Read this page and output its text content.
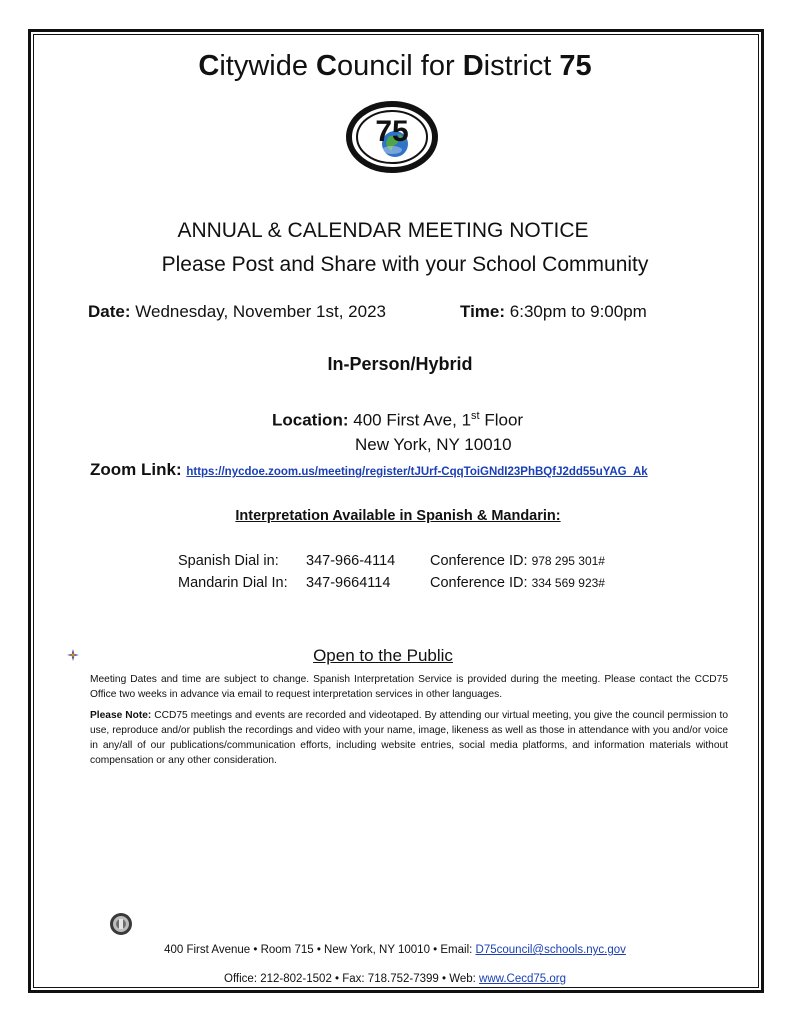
Citywide Council for District 75
75
ANNUAL & CALENDAR MEETING NOTICE
Please Post and Share with your School Community
Date: Wednesday, November 1st, 2023	Time: 6:30pm to 9:00pm
In-Person/Hybrid
Location: 400 First Ave, 1st Floor
New York, NY 10010
Zoom Link: https://nycdoe.zoom.us/meeting/register/tJUrf-CqqToiGNdI23PhBQfJ2dd55uYAG_Ak
Interpretation Available in Spanish & Mandarin:
Spanish Dial in: 347-966-4114 Conference ID: 978 295 301#
Mandarin Dial In: 347-9664114	Conference ID: 334 569 923#
Open to the Public
Meeting Dates and time are subject to change. Spanish Interpretation Service is provided during the meeting. Please contact the CCD75 Office two weeks in advance via email to request interpretation services in other languages.
Please Note: CCD75 meetings and events are recorded and videotaped. By attending our virtual meeting, you give the council permission to use, reproduce and/or publish the recordings and video with your name, image, likeness as well as those in attendance with you and/or voice in any/all of our publications/communication efforts, including website entries, social media platforms, and information materials without compensation or any other consideration.
400 First Avenue • Room 715 • New York, NY 10010 • Email: D75council@schools.nyc.gov
Office: 212-802-1502 • Fax: 718.752-7399 • Web: www.Cecd75.org
